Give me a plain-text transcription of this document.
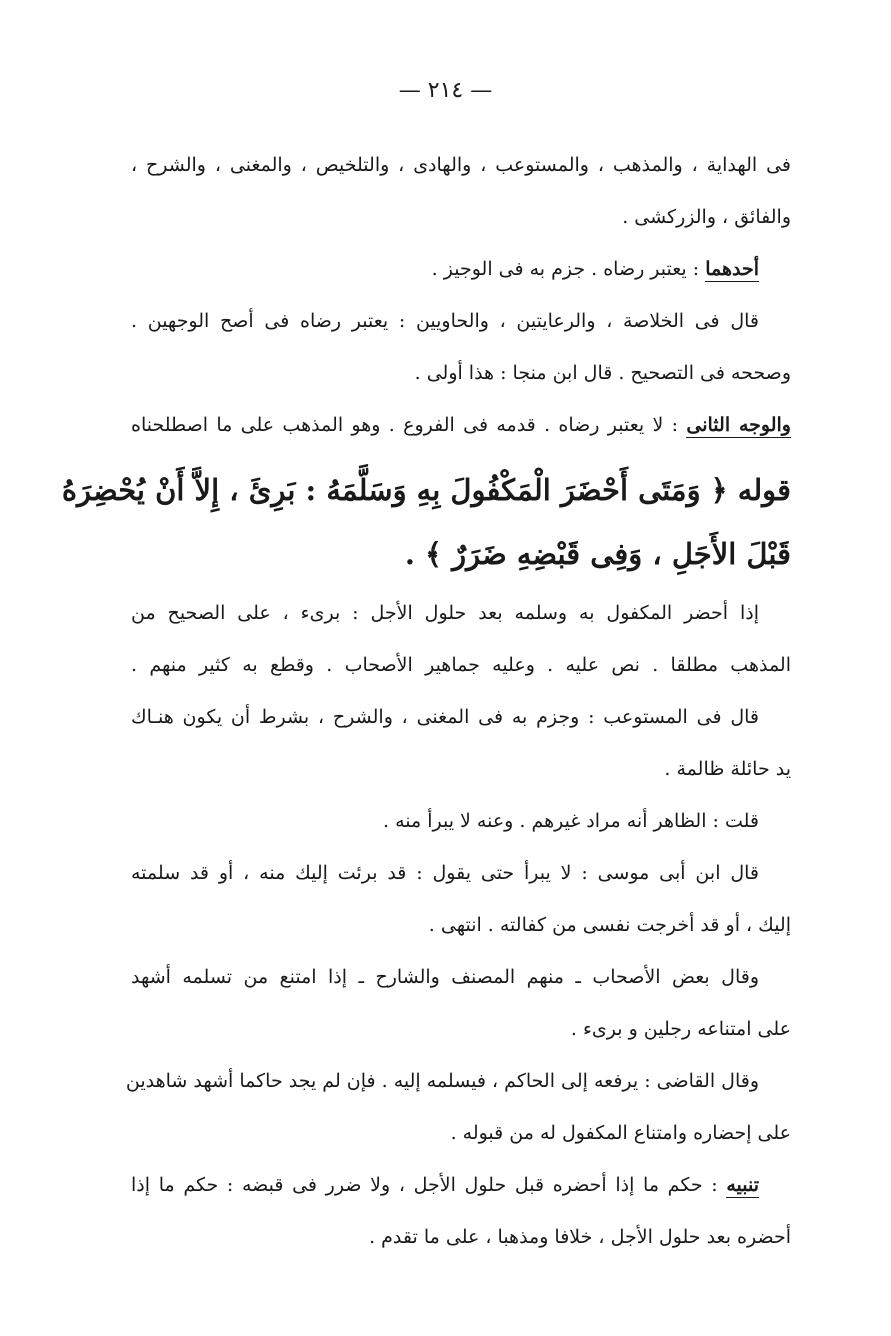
— ٢١٤ —
فى الهداية ، والمذهب ، والمستوعب ، والهادى ، والتلخيص ، والمغنى ، والشرح ،
والفائق ، والزركشى .
أحدهما : يعتبر رضاه . جزم به فى الوجيز .
قال فى الخلاصة ، والرعايتين ، والحاويين : يعتبر رضاه فى أصح الوجهين .
وصححه فى التصحيح . قال ابن منجا : هذا أولى .
والوجه الثانى : لا يعتبر رضاه . قدمه فى الفروع . وهو المذهب على ما اصطلحناه
قوله ﴿ وَمَتَى أَحْضَرَ الْمَكْفُولَ بِهِ وَسَلَّمَهُ : بَرِئَ ، إِلاَّ أَنْ يُحْضِرَهُ
قَبْلَ الأَجَلِ ، وَفِى قَبْضِهِ ضَرَرٌ ﴾ .
إذا أحضر المكفول به وسلمه بعد حلول الأجل : برىء ، على الصحيح من
المذهب مطلقا . نص عليه . وعليه جماهير الأصحاب . وقطع به كثير منهم .
قال فى المستوعب : وجزم به فى المغنى ، والشرح ، بشرط أن يكون هنـاك
يد حائلة ظالمة .
قلت : الظاهر أنه مراد غيرهم . وعنه لا يبرأ منه .
قال ابن أبى موسى : لا يبرأ حتى يقول : قد برئت إليك منه ، أو قد سلمته
إليك ، أو قد أخرجت نفسى من كفالته . انتهى .
وقال بعض الأصحاب ـ منهم المصنف والشارح ـ إذا امتنع من تسلمه أشهد
على امتناعه رجلين و برىء .
وقال القاضى : يرفعه إلى الحاكم ، فيسلمه إليه . فإن لم يجد حاكما أشهد شاهدين
على إحضاره وامتناع المكفول له من قبوله .
تنبيه : حكم ما إذا أحضره قبل حلول الأجل ، ولا ضرر فى قبضه : حكم ما إذا
أحضره بعد حلول الأجل ، خلافا ومذهبا ، على ما تقدم .
